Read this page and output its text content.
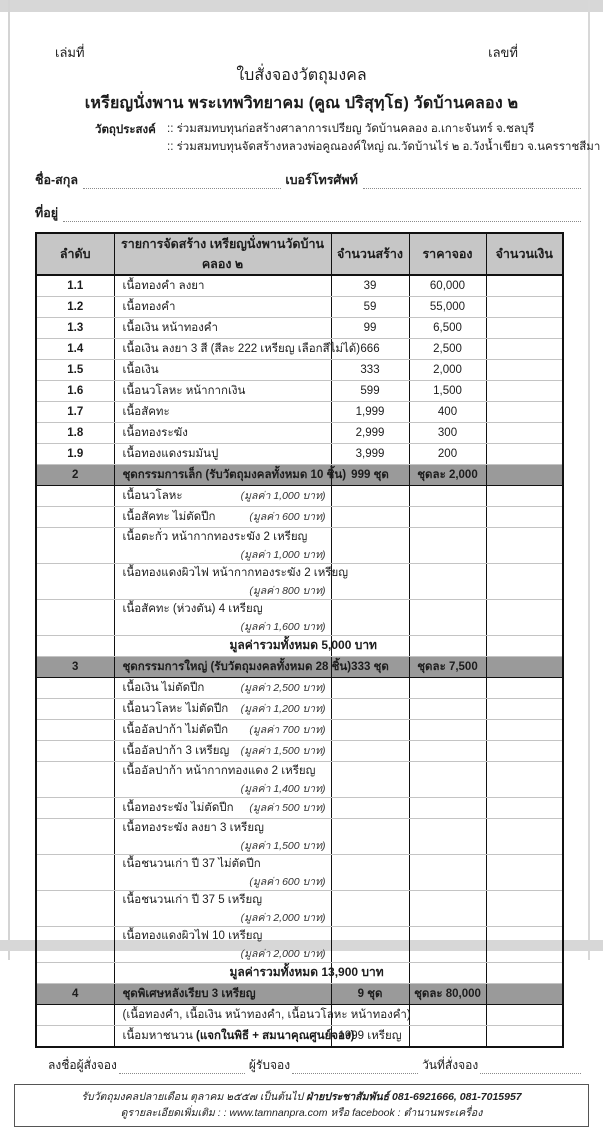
เล่มที่	เลขที่
ใบสั่งจองวัตถุมงคล
เหรียญนั่งพาน พระเทพวิทยาคม (คูณ ปริสุทฺโธ) วัดบ้านคลอง ๒
วัตถุประสงค์ :: ร่วมสมทบทุนก่อสร้างศาลาการเปรียญ วัดบ้านคลอง อ.เกาะจันทร์ จ.ชลบุรี
:: ร่วมสมทบทุนจัดสร้างหลวงพ่อคูณองค์ใหญ่ ณ.วัดบ้านไร่ ๒ อ.วังน้ำเขียว จ.นครราชสีมา
ชื่อ-สกุล	เบอร์โทรศัพท์
ที่อยู่
ลำดับ	รายการจัดสร้าง เหรียญนั่งพานวัดบ้านคลอง ๒	จำนวนสร้าง	ราคาจอง	จำนวนเงิน
1.1	เนื้อทองคำ ลงยา	39	60,000	
1.2	เนื้อทองคำ	59	55,000	
1.3	เนื้อเงิน หน้าทองคำ	99	6,500	
1.4	เนื้อเงิน ลงยา 3 สี (สีละ 222 เหรียญ เลือกสีไม่ได้)	666	2,500	
1.5	เนื้อเงิน	333	2,000	
1.6	เนื้อนวโลหะ หน้ากากเงิน	599	1,500	
1.7	เนื้อสัคทะ	1,999	400	
1.8	เนื้อทองระฆัง	2,999	300	
1.9	เนื้อทองแดงรมมันปู	3,999	200	
2	ชุดกรรมการเล็ก (รับวัตถุมงคลทั้งหมด 10 ชิ้น)	999 ชุด	ชุดละ 2,000	
	เนื้อนวโลหะ (มูลค่า 1,000 บาท)			

	เนื้อสัคทะ ไม่ตัดปีก (มูลค่า 600 บาท)			

	เนื้อตะกั่ว หน้ากากทองระฆัง 2 เหรียญ
(มูลค่า 1,000 บาท)			

	เนื้อทองแดงผิวไฟ หน้ากากทองระฆัง 2 เหรียญ
(มูลค่า 800 บาท)			

	เนื้อสัคทะ (ห่วงตัน) 4 เหรียญ
(มูลค่า 1,600 บาท)			

	มูลค่ารวมทั้งหมด 5,000 บาท			
3	ชุดกรรมการใหญ่ (รับวัตถุมงคลทั้งหมด 28 ชิ้น)	333 ชุด	ชุดละ 7,500	
	เนื้อเงิน ไม่ตัดปีก (มูลค่า 2,500 บาท)			

	เนื้อนวโลหะ ไม่ตัดปีก (มูลค่า 1,200 บาท)			

	เนื้ออัลปาก้า ไม่ตัดปีก (มูลค่า 700 บาท)			

	เนื้ออัลปาก้า 3 เหรียญ (มูลค่า 1,500 บาท)			

	เนื้ออัลปาก้า หน้ากากทองแดง 2 เหรียญ
(มูลค่า 1,400 บาท)			

	เนื้อทองระฆัง ไม่ตัดปีก (มูลค่า 500 บาท)			

	เนื้อทองระฆัง ลงยา 3 เหรียญ
(มูลค่า 1,500 บาท)			

	เนื้อชนวนเก่า ปี 37 ไม่ตัดปีก
(มูลค่า 600 บาท)			

	เนื้อชนวนเก่า ปี 37 5 เหรียญ
(มูลค่า 2,000 บาท)			

	เนื้อทองแดงผิวไฟ 10 เหรียญ
(มูลค่า 2,000 บาท)			

	มูลค่ารวมทั้งหมด 13,900 บาท			
4	ชุดพิเศษหลังเรียบ 3 เหรียญ	9 ชุด	ชุดละ 80,000	
	(เนื้อทองคำ, เนื้อเงิน หน้าทองคำ, เนื้อนวโลหะ หน้าทองคำ)			
	เนื้อมหาชนวน (แจกในพิธี + สมนาคุณศูนย์จอง)	1999 เหรียญ		
ลงชื่อผู้สั่งจอง	ผู้รับจอง	วันที่สั่งจอง
รับวัตถุมงคลปลายเดือน ตุลาคม ๒๕๕๗ เป็นต้นไป ฝ่ายประชาสัมพันธ์ 081-6921666, 081-7015957
ดูรายละเอียดเพิ่มเติม : : www.tamnanpra.com หรือ facebook : ตำนานพระเครื่อง
